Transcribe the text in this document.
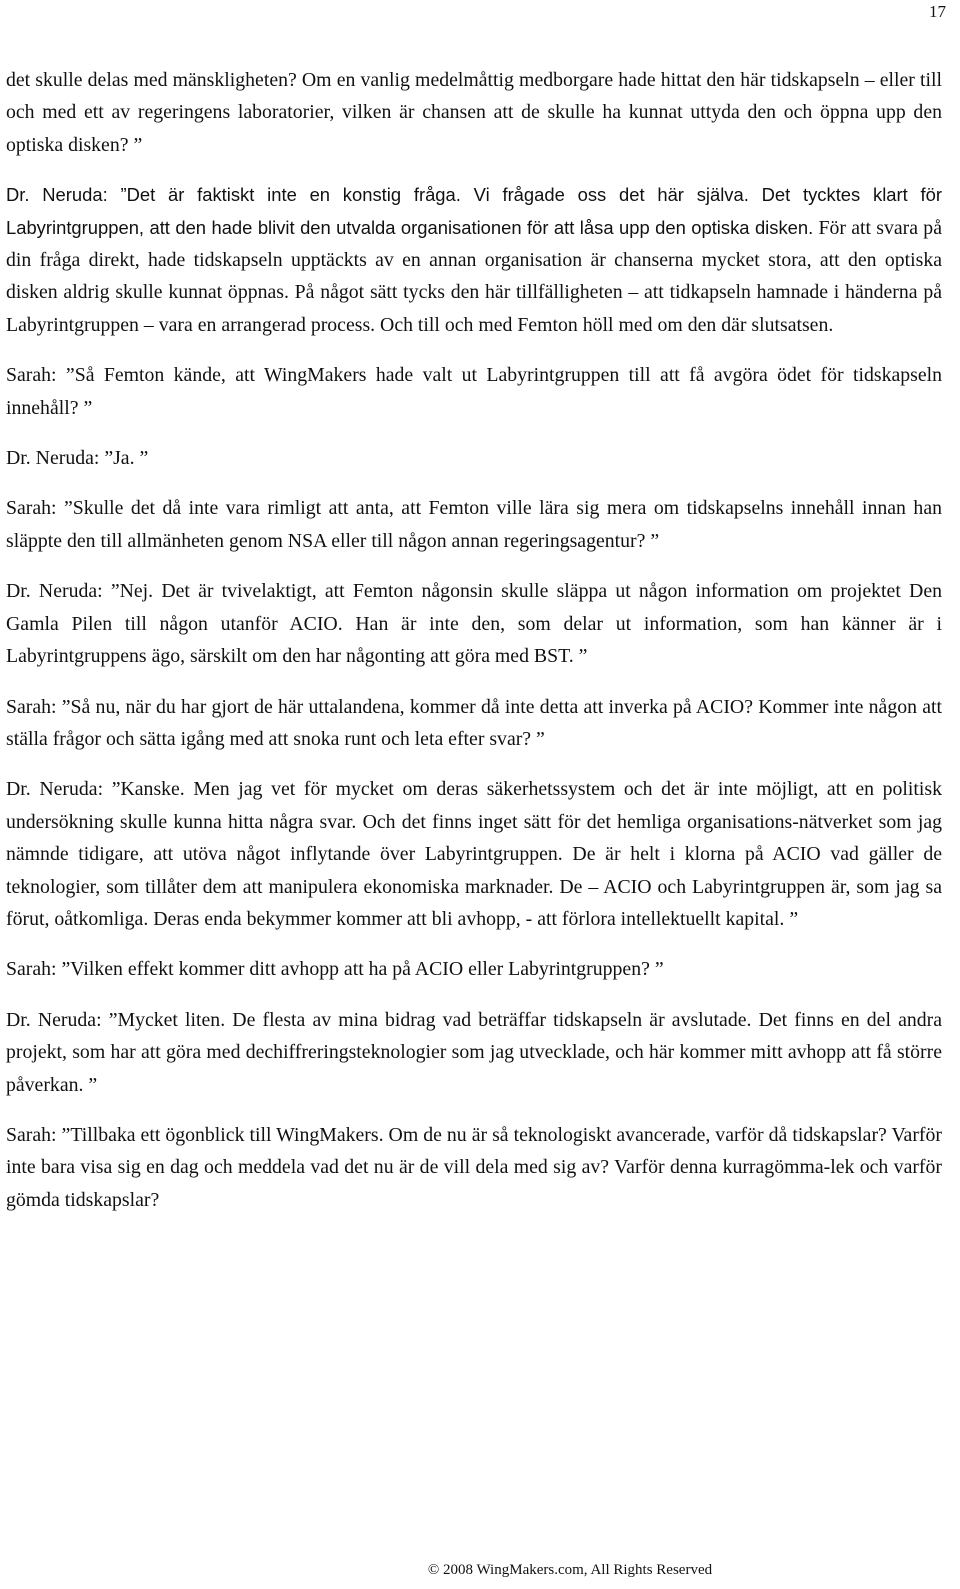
17

det skulle delas med mänskligheten? Om en vanlig medelmåttig medborgare hade hittat den här tidskapseln – eller till och med ett av regeringens laboratorier, vilken är chansen att de skulle ha kunnat uttyda den och öppna upp den optiska disken? ”

Dr. Neruda: ”Det är faktiskt inte en konstig fråga. Vi frågade oss det här själva. Det tycktes klart för Labyrintgruppen, att den hade blivit den utvalda organisationen för att låsa upp den optiska disken. För att svara på din fråga direkt, hade tidskapseln upptäckts av en annan organisation är chanserna mycket stora, att den optiska disken aldrig skulle kunnat öppnas. På något sätt tycks den här tillfälligheten – att tidkapseln hamnade i händerna på Labyrintgruppen – vara en arrangerad process. Och till och med Femton höll med om den där slutsatsen.

Sarah: ”Så Femton kände, att WingMakers hade valt ut Labyrintgruppen till att få avgöra ödet för tidskapseln innehåll? ”

Dr. Neruda: ”Ja. ”

Sarah: ”Skulle det då inte vara rimligt att anta, att Femton ville lära sig mera om tidskapselns innehåll innan han släppte den till allmänheten genom NSA eller till någon annan regeringsagentur? ”

Dr. Neruda: ”Nej. Det är tvivelaktigt, att Femton någonsin skulle släppa ut någon information om projektet Den Gamla Pilen till någon utanför ACIO. Han är inte den, som delar ut information, som han känner är i Labyrintgruppens ägo, särskilt om den har någonting att göra med BST. ”

Sarah: ”Så nu, när du har gjort de här uttalandena, kommer då inte detta att inverka på ACIO? Kommer inte någon att ställa frågor och sätta igång med att snoka runt och leta efter svar? ”

Dr. Neruda: ”Kanske. Men jag vet för mycket om deras säkerhetssystem och det är inte möjligt, att en politisk undersökning skulle kunna hitta några svar. Och det finns inget sätt för det hemliga organisations-nätverket som jag nämnde tidigare, att utöva något inflytande över Labyrintgruppen. De är helt i klorna på ACIO vad gäller de teknologier, som tillåter dem att manipulera ekonomiska marknader. De – ACIO och Labyrintgruppen är, som jag sa förut, oåtkomliga. Deras enda bekymmer kommer att bli avhopp, - att förlora intellektuellt kapital. ”

Sarah: ”Vilken effekt kommer ditt avhopp att ha på ACIO eller Labyrintgruppen? ”

Dr. Neruda: ”Mycket liten. De flesta av mina bidrag vad beträffar tidskapseln är avslutade. Det finns en del andra projekt, som har att göra med dechiffreringsteknologier som jag utvecklade, och här kommer mitt avhopp att få större påverkan. ”

Sarah: ”Tillbaka ett ögonblick till WingMakers. Om de nu är så teknologiskt avancerade, varför då tidskapslar? Varför inte bara visa sig en dag och meddela vad det nu är de vill dela med sig av? Varför denna kurragömma-lek och varför gömda tidskapslar?

© 2008 WingMakers.com, All Rights Reserved
